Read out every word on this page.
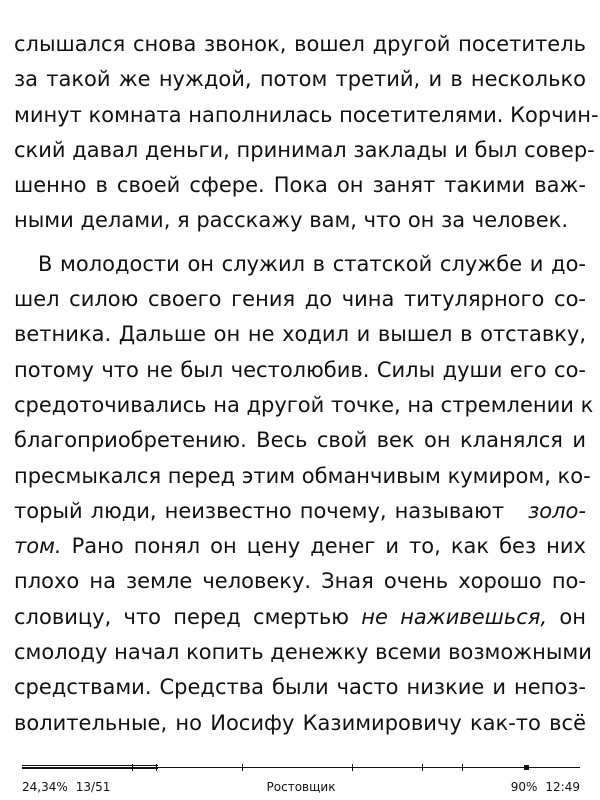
слышался снова звонок, вошел другой посетитель
за такой же нуждой, потом третий, и в несколько
минут комната наполнилась посетителями. Корчин-
ский давал деньги, принимал заклады и был совер-
шенно в своей сфере. Пока он занят такими важ-
ными делами, я расскажу вам, что он за человек.
В молодости он служил в статской службе и до-
шел силою своего гения до чина титулярного со-
ветника. Дальше он не ходил и вышел в отставку,
потому что не был честолюбив. Силы души его со-
средоточивались на другой точке, на стремлении к
благоприобретению. Весь свой век он кланялся и
пресмыкался перед этим обманчивым кумиром, ко-
торый люди, неизвестно почему, называют золо-
том. Рано понял он цену денег и то, как без них
плохо на земле человеку. Зная очень хорошо по-
словицу, что перед смертью не наживешься, он
смолоду начал копить денежку всеми возможными
средствами. Средства были часто низкие и непоз-
волительные, но Иосифу Казимировичу как-то всё
24,34% 13/51	Ростовщик	90% 12:49
